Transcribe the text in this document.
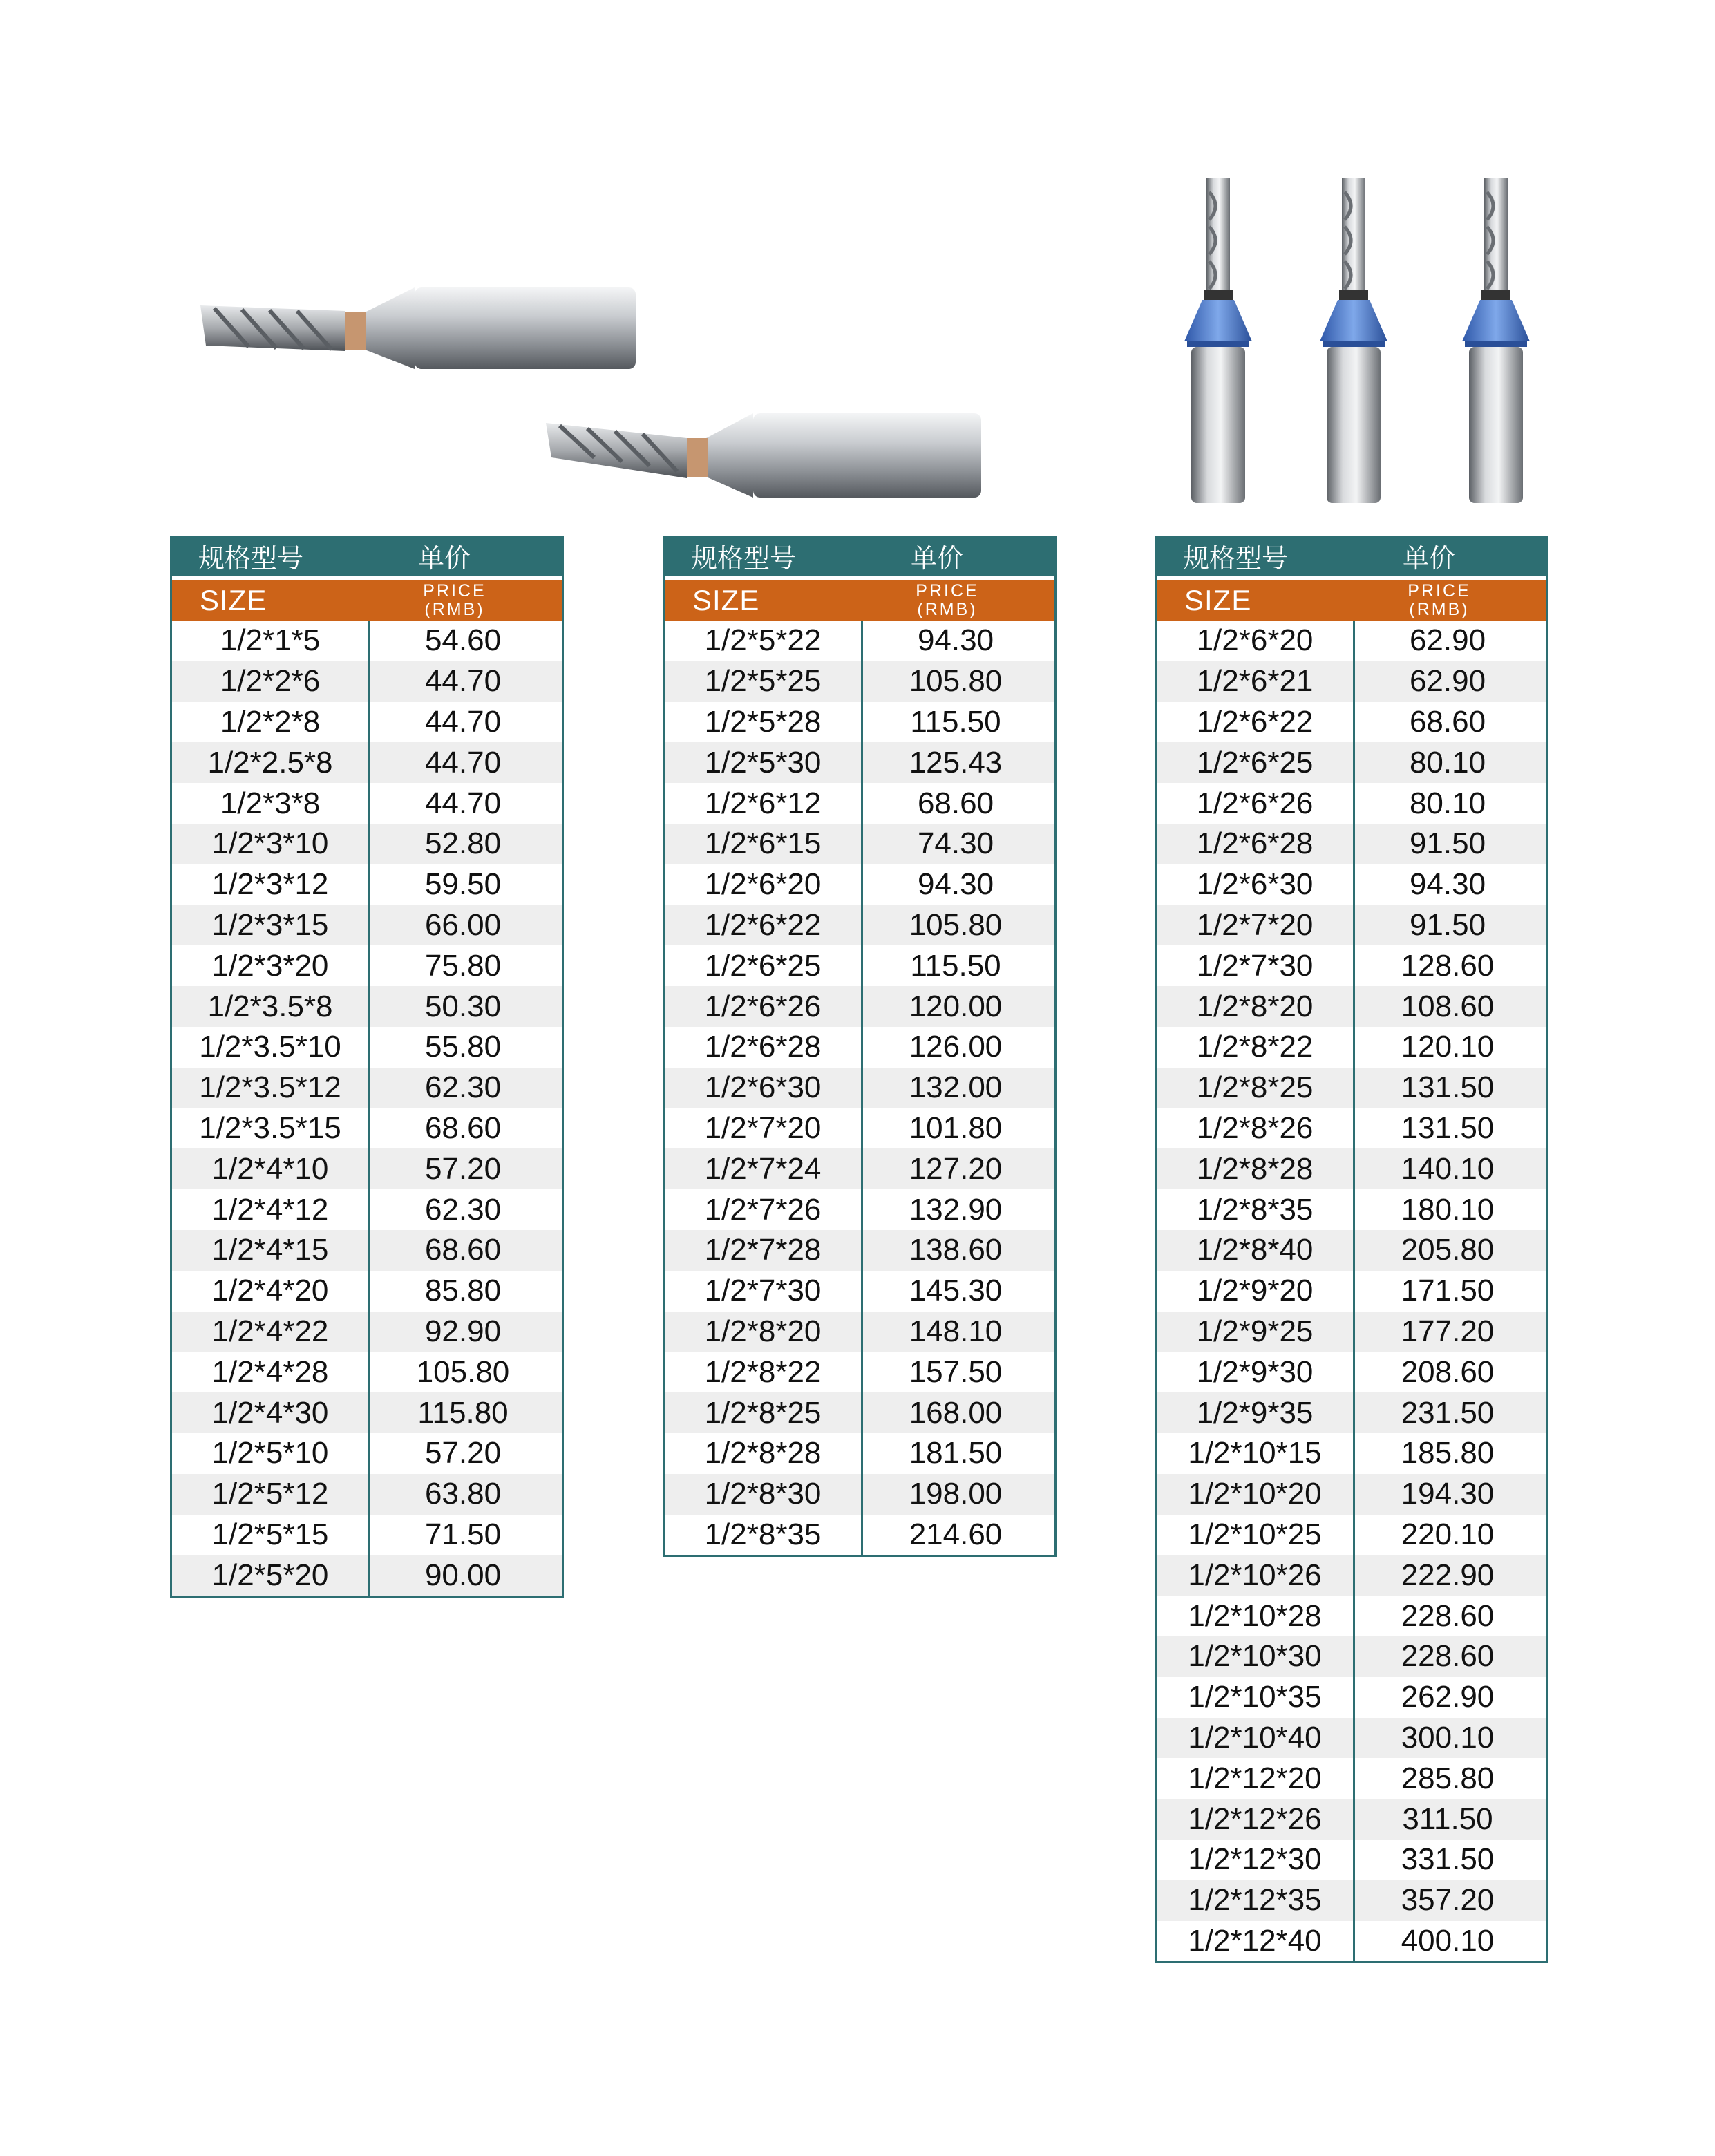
规格型号	单价
SIZE	PRICE
(RMB)
1/2*1*5	54.60
1/2*2*6	44.70
1/2*2*8	44.70
1/2*2.5*8	44.70
1/2*3*8	44.70
1/2*3*10	52.80
1/2*3*12	59.50
1/2*3*15	66.00
1/2*3*20	75.80
1/2*3.5*8	50.30
1/2*3.5*10	55.80
1/2*3.5*12	62.30
1/2*3.5*15	68.60
1/2*4*10	57.20
1/2*4*12	62.30
1/2*4*15	68.60
1/2*4*20	85.80
1/2*4*22	92.90
1/2*4*28	105.80
1/2*4*30	115.80
1/2*5*10	57.20
1/2*5*12	63.80
1/2*5*15	71.50
1/2*5*20	90.00
规格型号	单价
SIZE	PRICE
(RMB)
1/2*5*22	94.30
1/2*5*25	105.80
1/2*5*28	115.50
1/2*5*30	125.43
1/2*6*12	68.60
1/2*6*15	74.30
1/2*6*20	94.30
1/2*6*22	105.80
1/2*6*25	115.50
1/2*6*26	120.00
1/2*6*28	126.00
1/2*6*30	132.00
1/2*7*20	101.80
1/2*7*24	127.20
1/2*7*26	132.90
1/2*7*28	138.60
1/2*7*30	145.30
1/2*8*20	148.10
1/2*8*22	157.50
1/2*8*25	168.00
1/2*8*28	181.50
1/2*8*30	198.00
1/2*8*35	214.60
规格型号	单价
SIZE	PRICE
(RMB)
1/2*6*20	62.90
1/2*6*21	62.90
1/2*6*22	68.60
1/2*6*25	80.10
1/2*6*26	80.10
1/2*6*28	91.50
1/2*6*30	94.30
1/2*7*20	91.50
1/2*7*30	128.60
1/2*8*20	108.60
1/2*8*22	120.10
1/2*8*25	131.50
1/2*8*26	131.50
1/2*8*28	140.10
1/2*8*35	180.10
1/2*8*40	205.80
1/2*9*20	171.50
1/2*9*25	177.20
1/2*9*30	208.60
1/2*9*35	231.50
1/2*10*15	185.80
1/2*10*20	194.30
1/2*10*25	220.10
1/2*10*26	222.90
1/2*10*28	228.60
1/2*10*30	228.60
1/2*10*35	262.90
1/2*10*40	300.10
1/2*12*20	285.80
1/2*12*26	311.50
1/2*12*30	331.50
1/2*12*35	357.20
1/2*12*40	400.10
